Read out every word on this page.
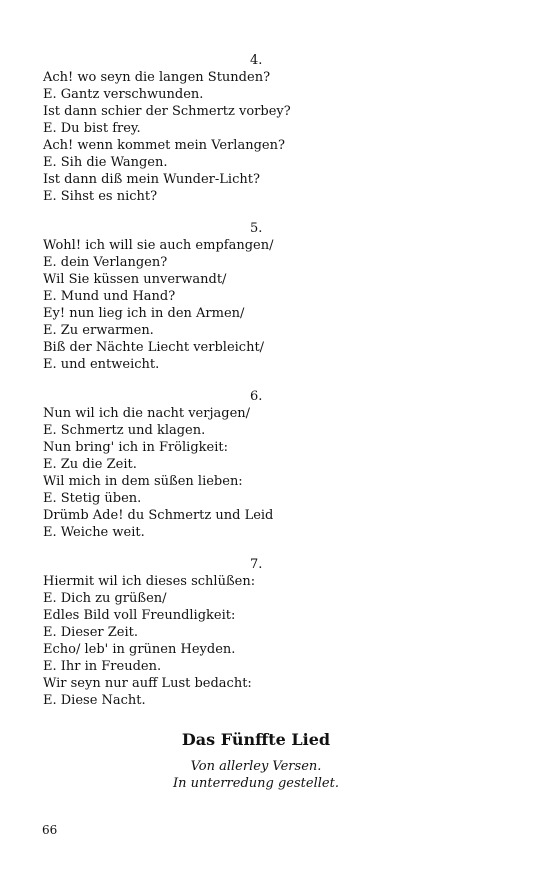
4.
Ach! wo seyn die langen Stunden?
E. Gantz verschwunden.
Ist dann schier der Schmertz vorbey?
E. Du bist frey.
Ach! wenn kommet mein Verlangen?
E. Sih die Wangen.
Ist dann diß mein Wunder-Licht?
E. Sihst es nicht?
5.
Wohl! ich will sie auch empfangen/
E. dein Verlangen?
Wil Sie küssen unverwandt/
E. Mund und Hand?
Ey! nun lieg ich in den Armen/
E. Zu erwarmen.
Biß der Nächte Liecht verbleicht/
E. und entweicht.
6.
Nun wil ich die nacht verjagen/
E. Schmertz und klagen.
Nun bring' ich in Fröligkeit:
E. Zu die Zeit.
Wil mich in dem süßen lieben:
E. Stetig üben.
Drümb Ade! du Schmertz und Leid
E. Weiche weit.
7.
Hiermit wil ich dieses schlüßen:
E. Dich zu grüßen/
Edles Bild voll Freundligkeit:
E. Dieser Zeit.
Echo/ leb' in grünen Heyden.
E. Ihr in Freuden.
Wir seyn nur auff Lust bedacht:
E. Diese Nacht.
Das Fünffte Lied
Von allerley Versen.
In unterredung gestellet.
66
